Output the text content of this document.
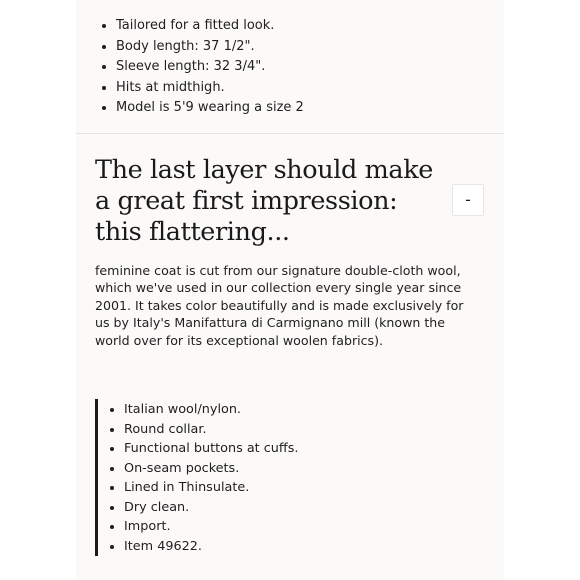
• Tailored for a fitted look.
• Body length: 37 1/2".
• Sleeve length: 32 3/4".
• Hits at midthigh.
• Model is 5'9 wearing a size 2
The last layer should make a great first impression: this flattering...
-

feminine coat is cut from our signature double-cloth wool, which we've used in our collection every single year since 2001. It takes color beautifully and is made exclusively for us by Italy's Manifattura di Carmignano mill (known the world over for its exceptional woolen fabrics).

• Italian wool/nylon.
• Round collar.
• Functional buttons at cuffs.
• On-seam pockets.
• Lined in Thinsulate.
• Dry clean.
• Import.
• Item 49622.
